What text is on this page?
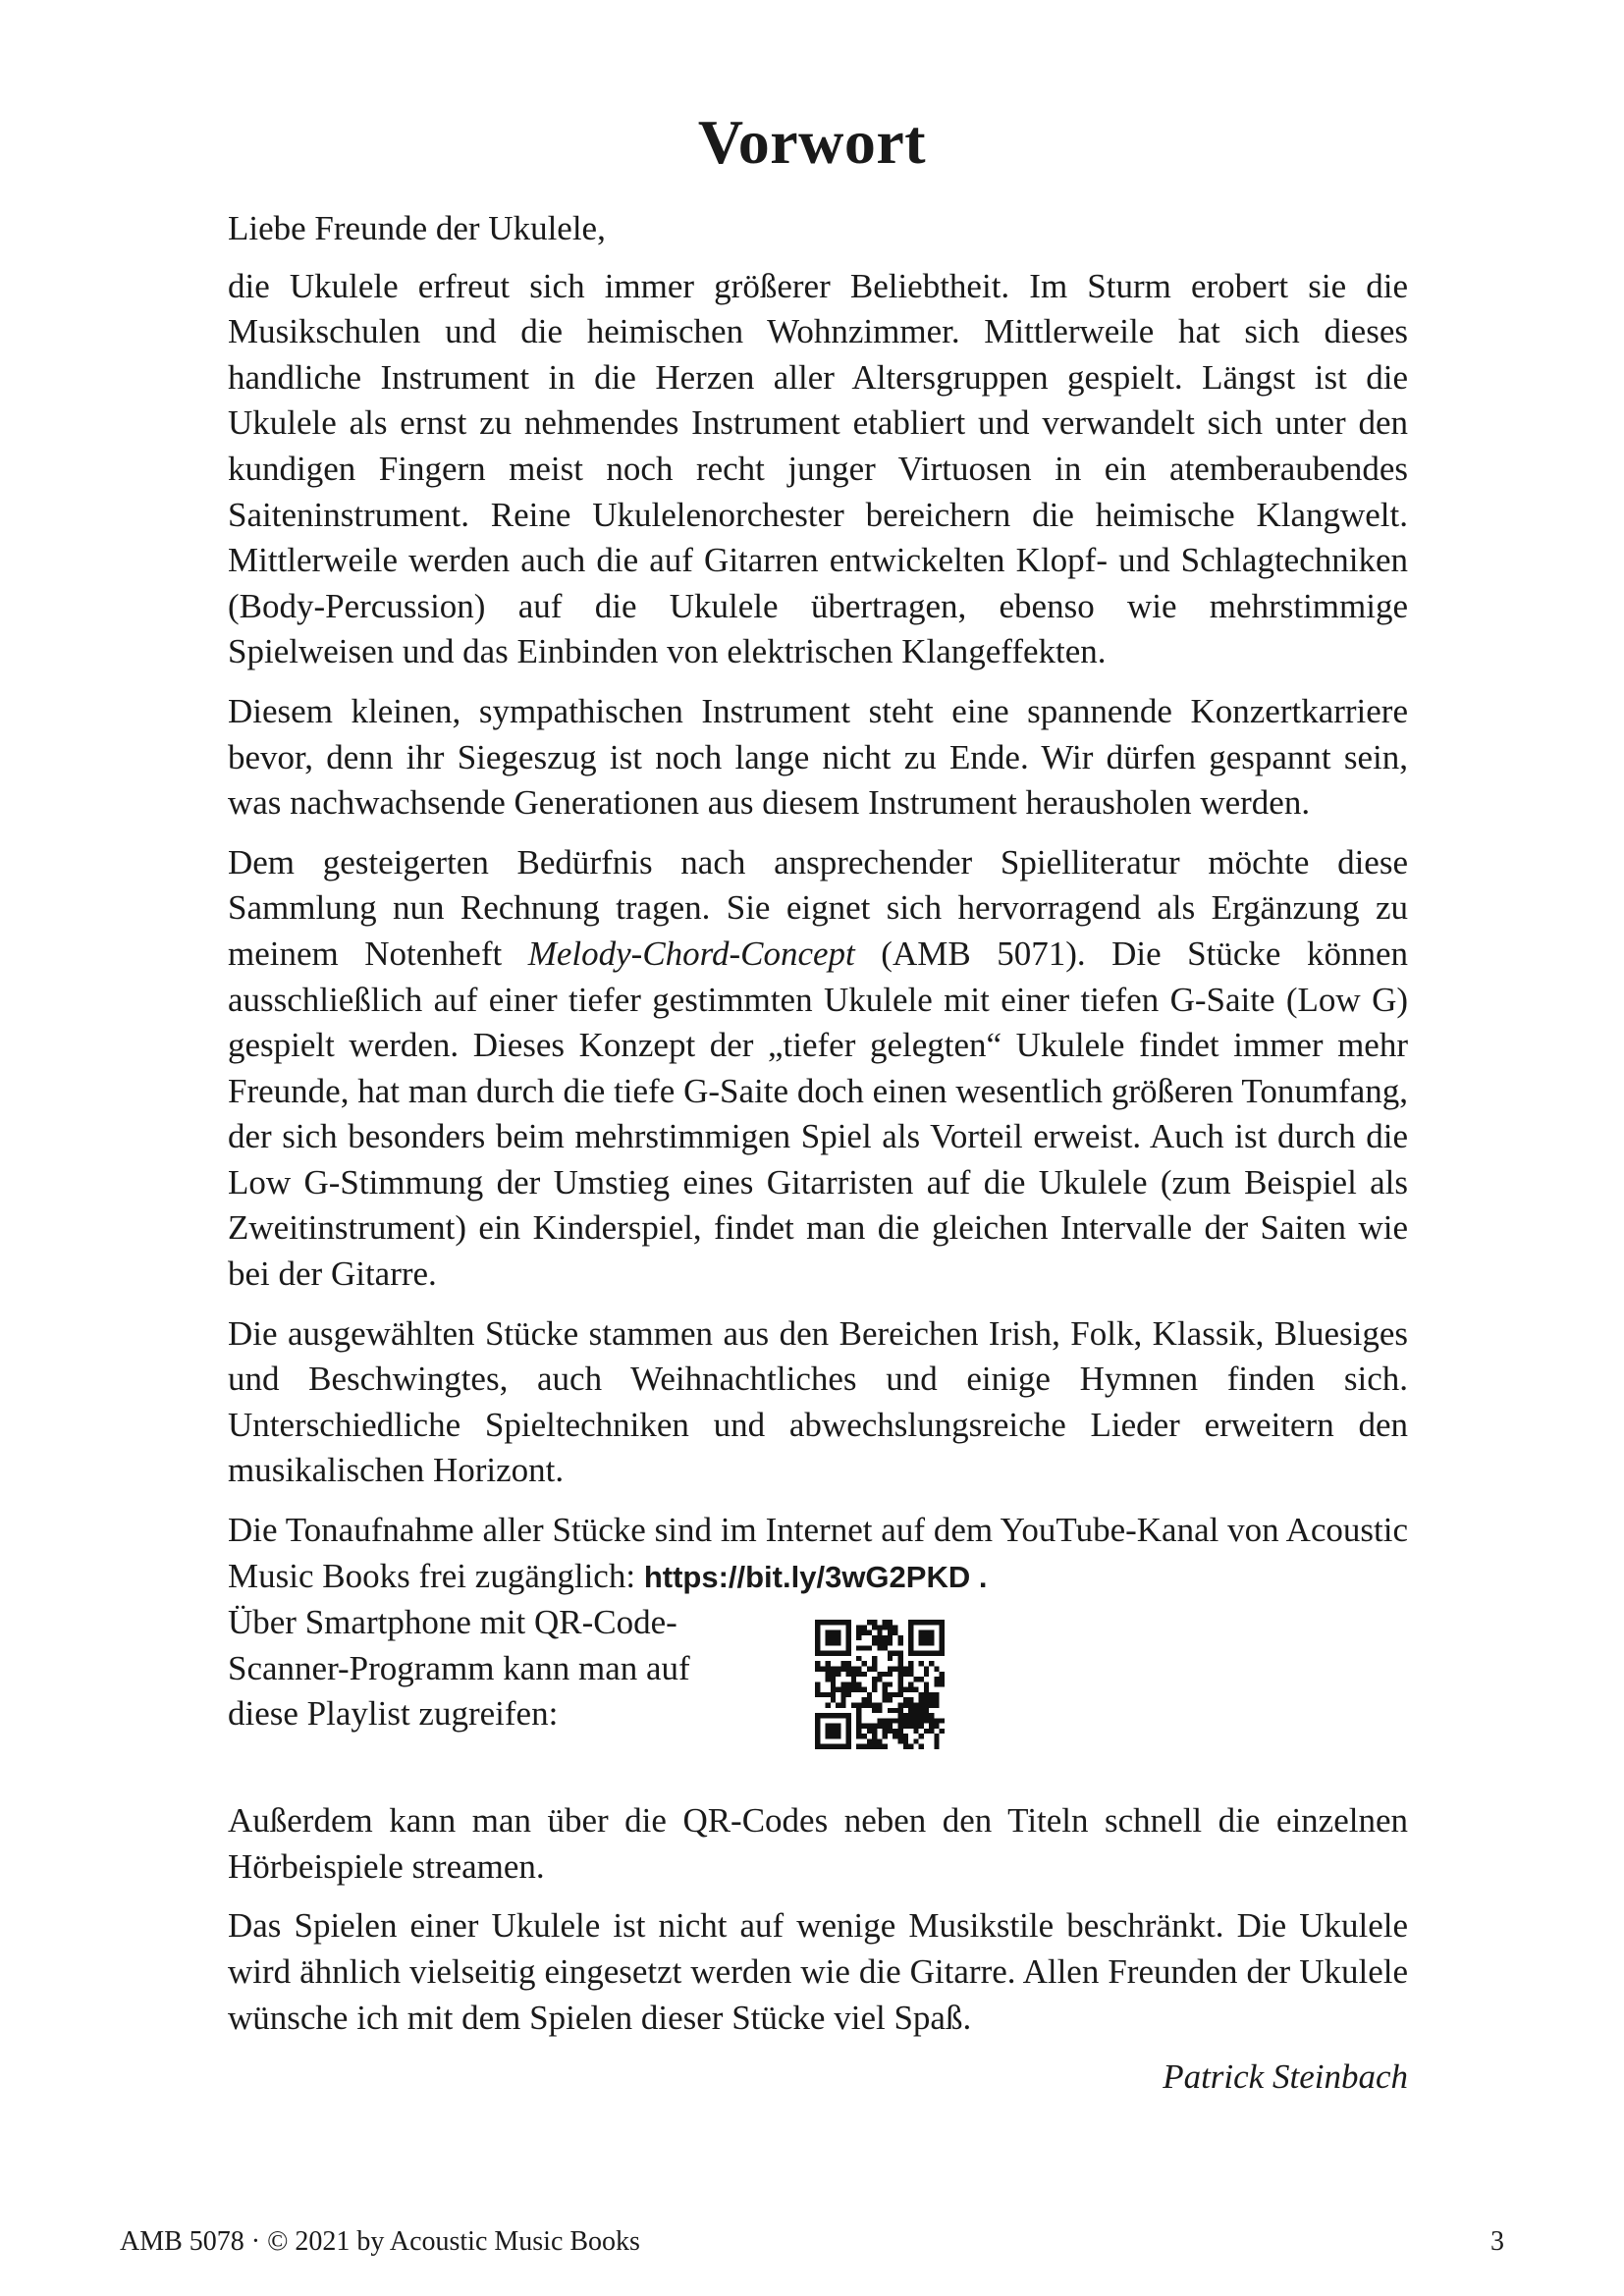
Vorwort

Liebe Freunde der Ukulele,

die Ukulele erfreut sich immer größerer Beliebtheit. Im Sturm erobert sie die Musikschulen und die heimischen Wohnzimmer. Mittlerweile hat sich dieses handliche Instrument in die Herzen aller Altersgruppen gespielt. Längst ist die Ukulele als ernst zu nehmendes Instrument etabliert und verwandelt sich unter den kundigen Fingern meist noch recht junger Virtuosen in ein atemberaubendes Saiteninstrument. Reine Ukulelenorchester bereichern die heimische Klangwelt. Mittlerweile werden auch die auf Gitarren entwickelten Klopf- und Schlagtechniken (Body-Percussion) auf die Ukulele übertragen, ebenso wie mehrstimmige Spielweisen und das Einbinden von elektrischen Klangeffekten.

Diesem kleinen, sympathischen Instrument steht eine spannende Konzertkarriere bevor, denn ihr Siegeszug ist noch lange nicht zu Ende. Wir dürfen gespannt sein, was nachwachsende Generationen aus diesem Instrument herausholen werden.

Dem gesteigerten Bedürfnis nach ansprechender Spielliteratur möchte diese Sammlung nun Rechnung tragen. Sie eignet sich hervorragend als Ergänzung zu meinem Notenheft Melody-Chord-Concept (AMB 5071). Die Stücke können ausschließlich auf einer tiefer gestimmten Ukulele mit einer tiefen G-Saite (Low G) gespielt werden. Dieses Konzept der „tiefer gelegten“ Ukulele findet immer mehr Freunde, hat man durch die tiefe G-Saite doch einen wesentlich größeren Tonumfang, der sich besonders beim mehrstimmigen Spiel als Vorteil erweist. Auch ist durch die Low G-Stimmung der Umstieg eines Gitarristen auf die Ukulele (zum Beispiel als Zweitinstrument) ein Kinderspiel, findet man die gleichen Intervalle der Saiten wie bei der Gitarre.

Die ausgewählten Stücke stammen aus den Bereichen Irish, Folk, Klassik, Bluesiges und Beschwingtes, auch Weihnachtliches und einige Hymnen finden sich. Unterschiedliche Spieltechniken und abwechslungsreiche Lieder erweitern den musikalischen Horizont.

Die Tonaufnahme aller Stücke sind im Internet auf dem YouTube-Kanal von Acoustic Music Books frei zugänglich: https://bit.ly/3wG2PKD .

Über Smartphone mit QR-Code-Scanner-Programm kann man auf diese Playlist zugreifen:

Außerdem kann man über die QR-Codes neben den Titeln schnell die einzelnen Hörbeispiele streamen.

Das Spielen einer Ukulele ist nicht auf wenige Musikstile beschränkt. Die Ukulele wird ähnlich vielseitig eingesetzt werden wie die Gitarre. Allen Freunden der Ukulele wünsche ich mit dem Spielen dieser Stücke viel Spaß.

Patrick Steinbach
AMB 5078 · © 2021 by Acoustic Music Books	3
